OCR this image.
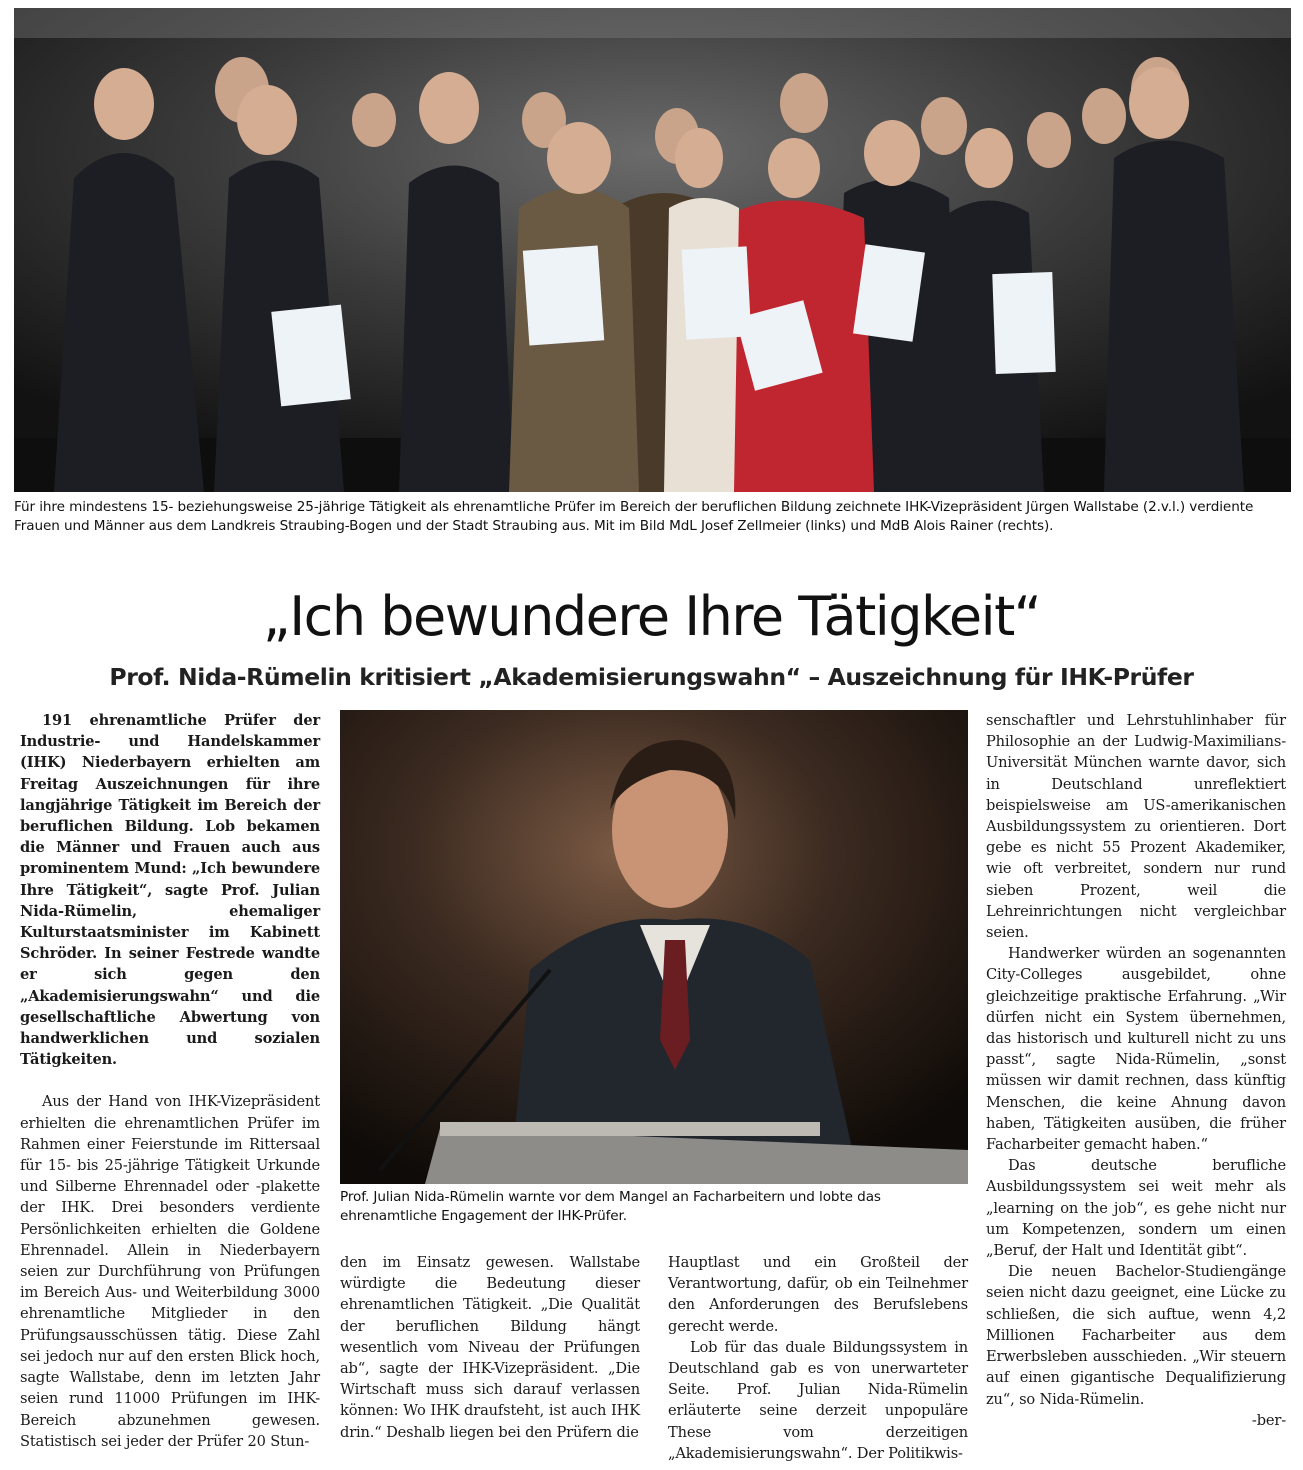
Für ihre mindestens 15- beziehungsweise 25-jährige Tätigkeit als ehrenamtliche Prüfer im Bereich der beruflichen Bildung zeichnete IHK-Vizepräsident Jürgen Wallstabe (2.v.l.) verdiente Frauen und Männer aus dem Landkreis Straubing-Bogen und der Stadt Straubing aus. Mit im Bild MdL Josef Zellmeier (links) und MdB Alois Rainer (rechts).
„Ich bewundere Ihre Tätigkeit“
Prof. Nida-Rümelin kritisiert „Akademisierungswahn“ – Auszeichnung für IHK-Prüfer
Prof. Julian Nida-Rümelin warnte vor dem Mangel an Facharbeitern und lobte das ehrenamtliche Engagement der IHK-Prüfer.

191 ehrenamtliche Prüfer der Industrie- und Handelskammer (IHK) Niederbayern erhielten am Freitag Auszeichnungen für ihre langjährige Tätigkeit im Bereich der beruflichen Bildung. Lob bekamen die Männer und Frauen auch aus prominentem Mund: „Ich bewundere Ihre Tätigkeit“, sagte Prof. Julian Nida-Rümelin, ehemaliger Kulturstaatsminister im Kabinett Schröder. In seiner Festrede wandte er sich gegen den „Akademisierungswahn“ und die gesellschaftliche Abwertung von handwerklichen und sozialen Tätigkeiten.

Aus der Hand von IHK-Vizepräsident erhielten die ehrenamtlichen Prüfer im Rahmen einer Feierstunde im Rittersaal für 15- bis 25-jährige Tätigkeit Urkunde und Silberne Ehrennadel oder -plakette der IHK. Drei besonders verdiente Persönlichkeiten erhielten die Goldene Ehrennadel. Allein in Niederbayern seien zur Durchführung von Prüfungen im Bereich Aus- und Weiterbildung 3000 ehrenamtliche Mitglieder in den Prüfungsausschüssen tätig. Diese Zahl sei jedoch nur auf den ersten Blick hoch, sagte Wallstabe, denn im letzten Jahr seien rund 11000 Prüfungen im IHK-Bereich abzunehmen gewesen. Statistisch sei jeder der Prüfer 20 Stun-

den im Einsatz gewesen. Wallstabe würdigte die Bedeutung dieser ehrenamtlichen Tätigkeit. „Die Qualität der beruflichen Bildung hängt wesentlich vom Niveau der Prüfungen ab“, sagte der IHK-Vizepräsident. „Die Wirtschaft muss sich darauf verlassen können: Wo IHK draufsteht, ist auch IHK drin.“ Deshalb liegen bei den Prüfern die

Hauptlast und ein Großteil der Verantwortung, dafür, ob ein Teilnehmer den Anforderungen des Berufslebens gerecht werde.

Lob für das duale Bildungssystem in Deutschland gab es von unerwarteter Seite. Prof. Julian Nida-Rümelin erläuterte seine derzeit unpopuläre These vom derzeitigen „Akademisierungswahn“. Der Politikwis-

senschaftler und Lehrstuhlinhaber für Philosophie an der Ludwig-Maximilians-Universität München warnte davor, sich in Deutschland unreflektiert beispielsweise am US-amerikanischen Ausbildungssystem zu orientieren. Dort gebe es nicht 55 Prozent Akademiker, wie oft verbreitet, sondern nur rund sieben Prozent, weil die Lehreinrichtungen nicht vergleichbar seien.

Handwerker würden an sogenannten City-Colleges ausgebildet, ohne gleichzeitige praktische Erfahrung. „Wir dürfen nicht ein System übernehmen, das historisch und kulturell nicht zu uns passt“, sagte Nida-Rümelin, „sonst müssen wir damit rechnen, dass künftig Menschen, die keine Ahnung davon haben, Tätigkeiten ausüben, die früher Facharbeiter gemacht haben.“

Das deutsche berufliche Ausbildungssystem sei weit mehr als „learning on the job“, es gehe nicht nur um Kompetenzen, sondern um einen „Beruf, der Halt und Identität gibt“.

Die neuen Bachelor-Studiengänge seien nicht dazu geeignet, eine Lücke zu schließen, die sich auftue, wenn 4,2 Millionen Facharbeiter aus dem Erwerbsleben ausschieden. „Wir steuern auf einen gigantische Dequalifizierung zu“, so Nida-Rümelin.

-ber-
